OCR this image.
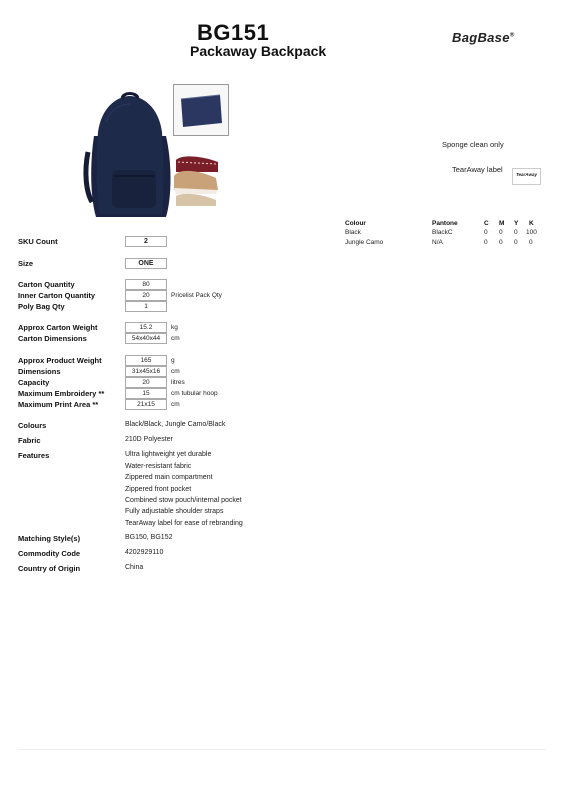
BG151
Packaway Backpack
BagBase®
Sponge clean only
TearAway label
TearAway
Colour	Pantone	C M Y K
Black	BlackC	0 0 0 100
Jungle Camo	N/A	0 0 0 0
SKU Count	2
Size	ONE
Carton Quantity	80
Inner Carton Quantity	20	Pricelist Pack Qty
Poly Bag Qty	1
Approx Carton Weight	15.2	kg
Carton Dimensions	54x40x44	cm
Approx Product Weight	165	g
Dimensions	31x45x16	cm
Capacity	20	litres
Maximum Embroidery **	15	cm tubular hoop
Maximum Print Area **	21x15	cm
Colours	Black/Black, Jungle Camo/Black
Fabric	210D Polyester
Features	Ultra lightweight yet durable
Water-resistant fabric
Zippered main compartment
Zippered front pocket
Combined stow pouch/internal pocket
Fully adjustable shoulder straps
TearAway label for ease of rebranding
Matching Style(s)	BG150, BG152
Commodity Code	4202929110
Country of Origin	China
